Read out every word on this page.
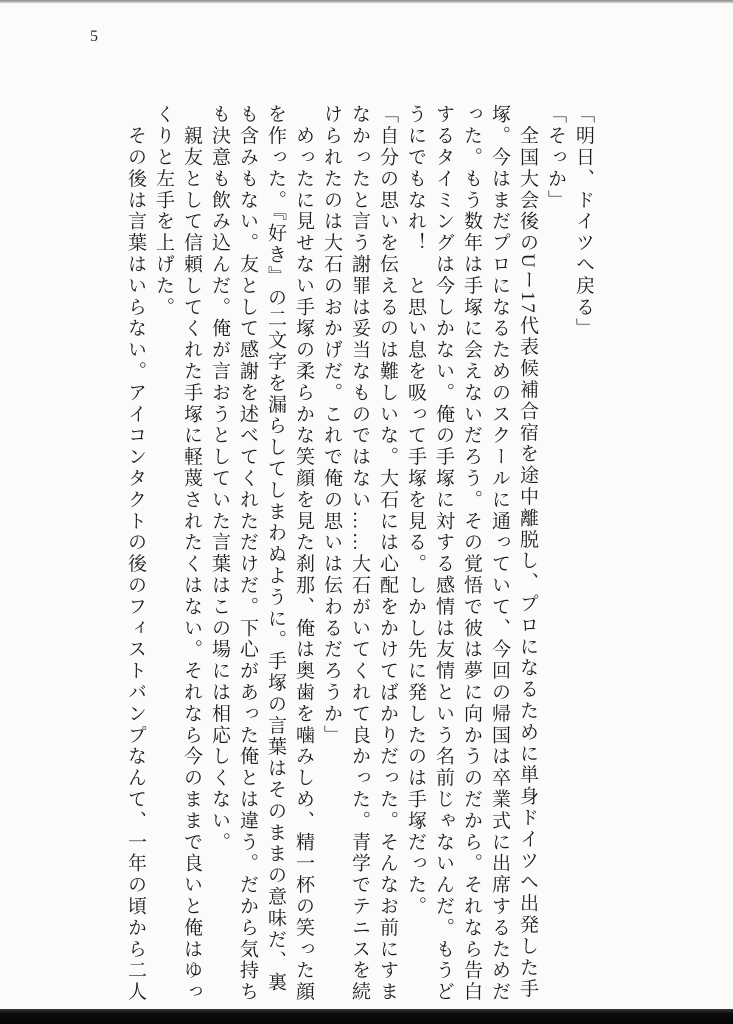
5

「明日、ドイツへ戻る」

「そっか」

　全国大会後のUー17代表候補合宿を途中離脱し、プロになるために単身ドイツへ出発した手塚。今はまだプロになるためのスクールに通っていて、今回の帰国は卒業式に出席するためだった。もう数年は手塚に会えないだろう。その覚悟で彼は夢に向かうのだから。それなら告白するタイミングは今しかない。俺の手塚に対する感情は友情という名前じゃないんだ。もうどうにでもなれ！　と思い息を吸って手塚を見る。しかし先に発したのは手塚だった。

「自分の思いを伝えるのは難しいな。大石には心配をかけてばかりだった。そんなお前にすまなかったと言う謝罪は妥当なものではない……大石がいてくれて良かった。青学でテニスを続けられたのは大石のおかげだ。これで俺の思いは伝わるだろうか」

　めったに見せない手塚の柔らかな笑顔を見た刹那、俺は奥歯を噛みしめ、精一杯の笑った顔を作った。『好き』の二文字を漏らしてしまわぬように。手塚の言葉はそのままの意味だ、裏も含みもない。友として感謝を述べてくれただけだ。下心があった俺とは違う。だから気持ちも決意も飲み込んだ。俺が言おうとしていた言葉はこの場には相応しくない。

　親友として信頼してくれた手塚に軽蔑されたくはない。それなら今のままで良いと俺はゆっくりと左手を上げた。

　その後は言葉はいらない。アイコンタクトの後のフィストバンプなんて、一年の頃から二人
